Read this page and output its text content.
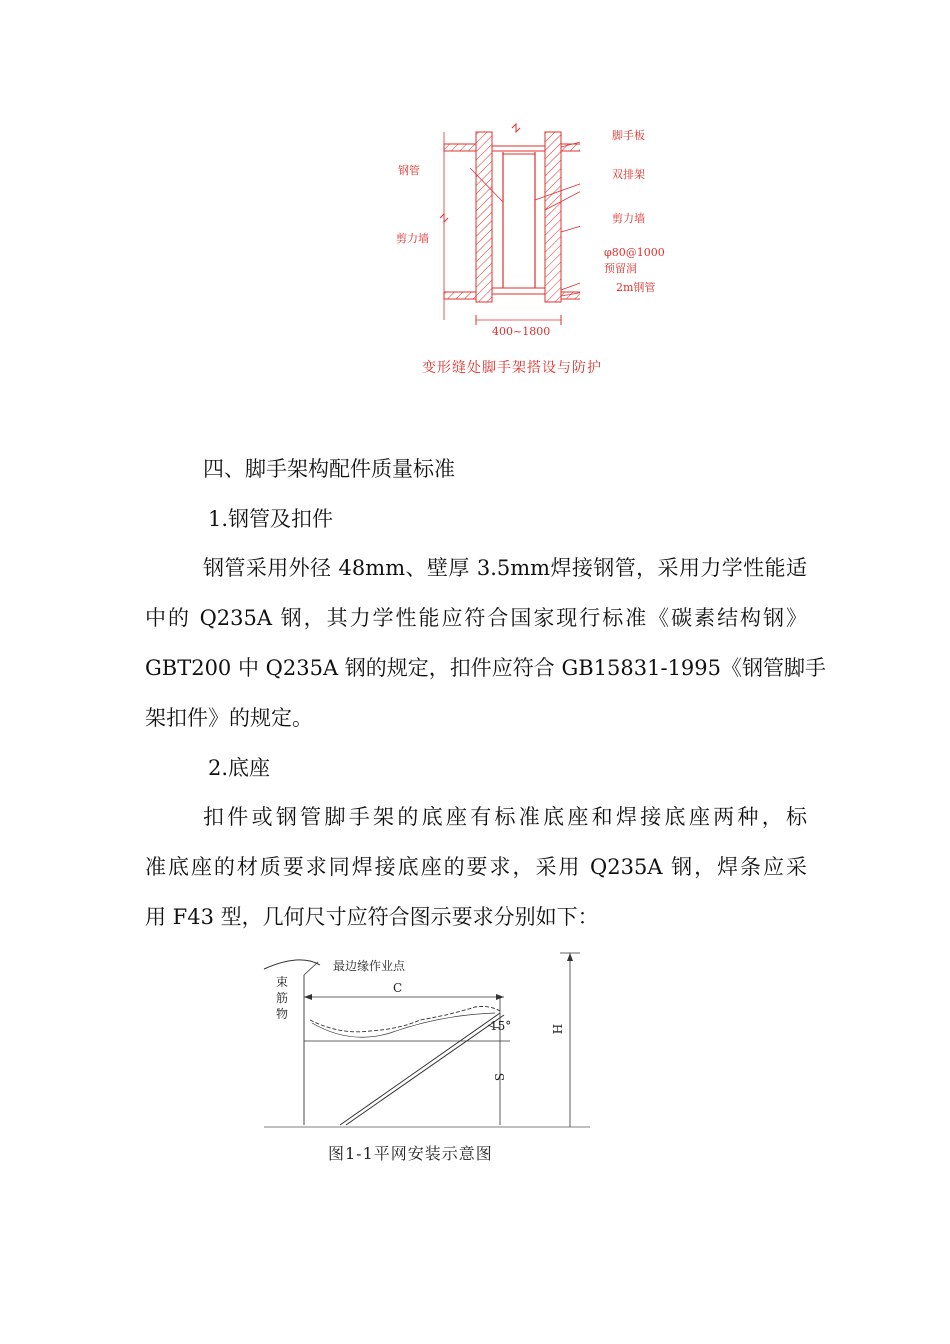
脚手板
钢管	双排架
剪力墙
剪力墙
φ80@1000
预留洞
2m钢管
400~1800
变形缝处脚手架搭设与防护
四、脚手架构配件质量标准
1.钢管及扣件
钢管采用外径 48mm、壁厚 3.5mm焊接钢管，采用力学性能适
中的 Q235A 钢，其力学性能应符合国家现行标准《碳素结构钢》
GBT200 中 Q235A 钢的规定，扣件应符合 GB15831-1995《钢管脚手
架扣件》的规定。
2.底座
扣件或钢管脚手架的底座有标准底座和焊接底座两种，标
准底座的材质要求同焊接底座的要求，采用 Q235A 钢，焊条应采
用 F43 型，几何尺寸应符合图示要求分别如下：
最边缘作业点
束
筋
物
C
H
S
15°
图1-1平网安装示意图
